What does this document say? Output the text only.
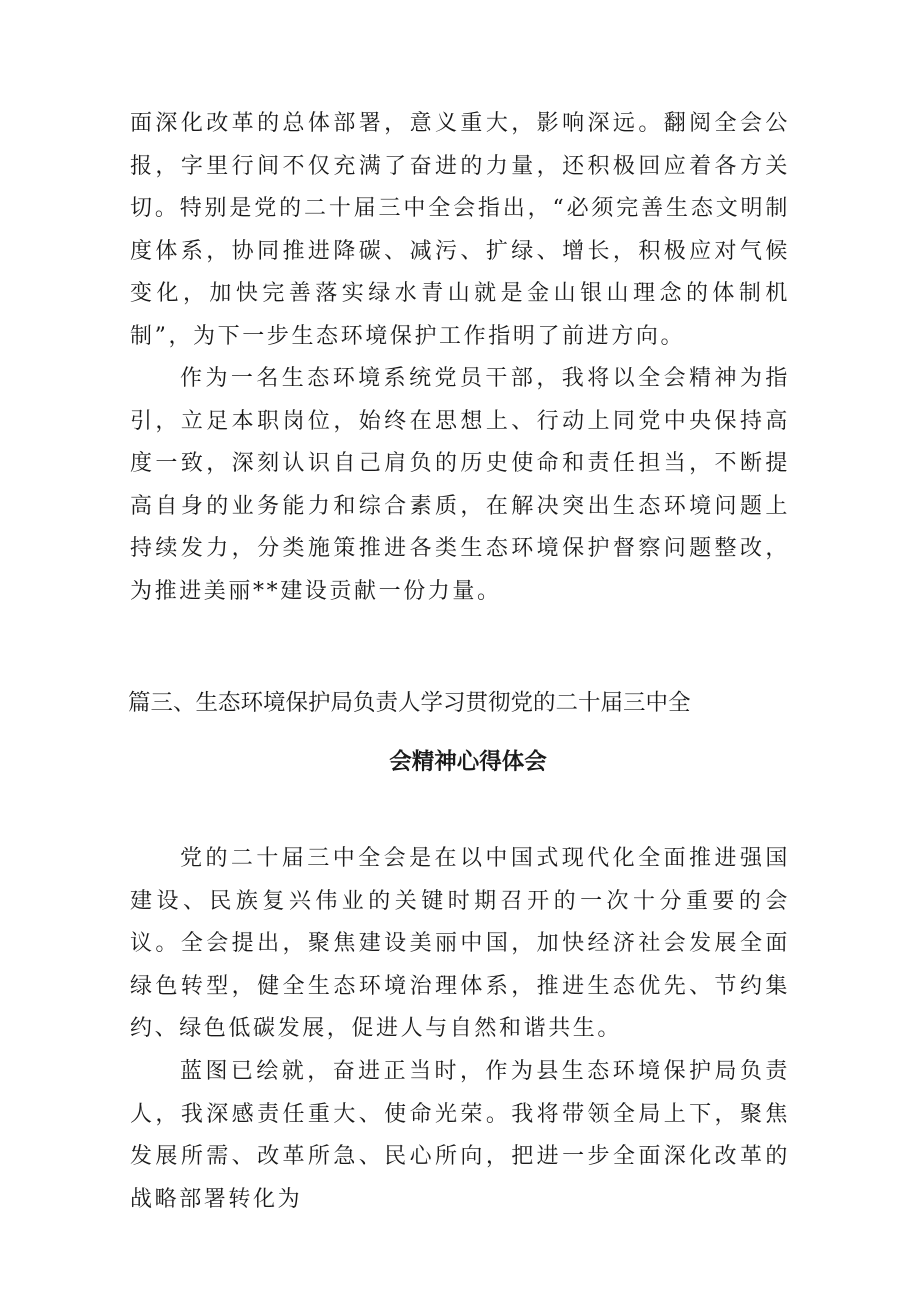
面深化改革的总体部署，意义重大，影响深远。翻阅全会公报，字里行间不仅充满了奋进的力量，还积极回应着各方关切。特别是党的二十届三中全会指出，“必须完善生态文明制度体系，协同推进降碳、减污、扩绿、增长，积极应对气候变化，加快完善落实绿水青山就是金山银山理念的体制机制”，为下一步生态环境保护工作指明了前进方向。

作为一名生态环境系统党员干部，我将以全会精神为指引，立足本职岗位，始终在思想上、行动上同党中央保持高度一致，深刻认识自己肩负的历史使命和责任担当，不断提高自身的业务能力和综合素质，在解决突出生态环境问题上持续发力，分类施策推进各类生态环境保护督察问题整改，为推进美丽**建设贡献一份力量。

篇三、生态环境保护局负责人学习贯彻党的二十届三中全
会精神心得体会

党的二十届三中全会是在以中国式现代化全面推进强国建设、民族复兴伟业的关键时期召开的一次十分重要的会议。全会提出，聚焦建设美丽中国，加快经济社会发展全面绿色转型，健全生态环境治理体系，推进生态优先、节约集约、绿色低碳发展，促进人与自然和谐共生。

蓝图已绘就，奋进正当时，作为县生态环境保护局负责人，我深感责任重大、使命光荣。我将带领全局上下，聚焦发展所需、改革所急、民心所向，把进一步全面深化改革的战略部署转化为
